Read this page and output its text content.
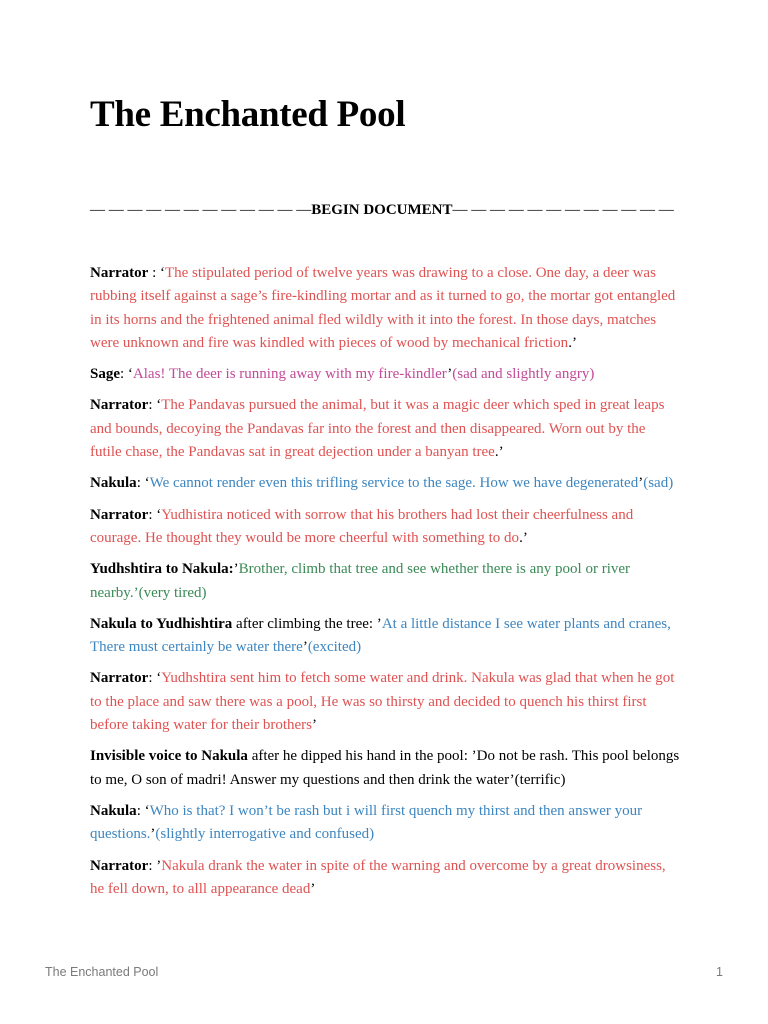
The Enchanted Pool
— — — — — — — — — — — —BEGIN DOCUMENT— — — — — — — — — — — —

Narrator : ‘The stipulated period of twelve years was drawing to a close. One day, a deer was rubbing itself against a sage’s fire-kindling mortar and as it turned to go, the mortar got entangled in its horns and the frightened animal fled wildly with it into the forest. In those days, matches were unknown and fire was kindled with pieces of wood by mechanical friction.’

Sage: ‘Alas! The deer is running away with my fire-kindler’(sad and slightly angry)

Narrator: ‘The Pandavas pursued the animal, but it was a magic deer which sped in great leaps and bounds, decoying the Pandavas far into the forest and then disappeared. Worn out by the futile chase, the Pandavas sat in great dejection under a banyan tree.’

Nakula: ‘We cannot render even this trifling service to the sage. How we have degenerated’(sad)

Narrator: ‘Yudhistira noticed with sorrow that his brothers had lost their cheerfulness and courage. He thought they would be more cheerful with something to do.’

Yudhshtira to Nakula:’Brother, climb that tree and see whether there is any pool or river nearby.’(very tired)

Nakula to Yudhishtira after climbing the tree: ’At a little distance I see water plants and cranes, There must certainly be water there’(excited)

Narrator: ‘Yudhshtira sent him to fetch some water and drink. Nakula was glad that when he got to the place and saw there was a pool, He was so thirsty and decided to quench his thirst first before taking water for their brothers’

Invisible voice to Nakula after he dipped his hand in the pool: ’Do not be rash. This pool belongs to me, O son of madri! Answer my questions and then drink the water’(terrific)

Nakula: ‘Who is that? I won’t be rash but i will first quench my thirst and then answer your questions.’(slightly interrogative and confused)

Narrator: ’Nakula drank the water in spite of the warning and overcome by a great drowsiness, he fell down, to alll appearance dead’

The Enchanted Pool	1
